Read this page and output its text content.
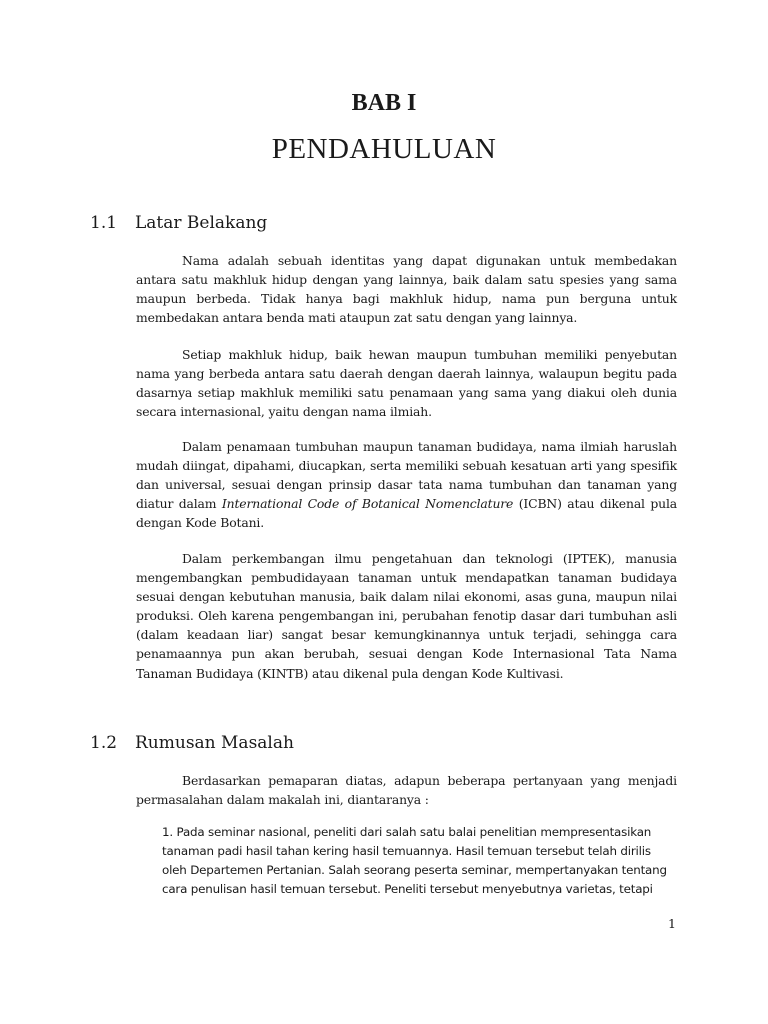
BAB I
PENDAHULUAN
1.1 Latar Belakang

Nama adalah sebuah identitas yang dapat digunakan untuk membedakan antara satu makhluk hidup dengan yang lainnya, baik dalam satu spesies yang sama maupun berbeda. Tidak hanya bagi makhluk hidup, nama pun berguna untuk membedakan antara benda mati ataupun zat satu dengan yang lainnya.

Setiap makhluk hidup, baik hewan maupun tumbuhan memiliki penyebutan nama yang berbeda antara satu daerah dengan daerah lainnya, walaupun begitu pada dasarnya setiap makhluk memiliki satu penamaan yang sama yang diakui oleh dunia secara internasional, yaitu dengan nama ilmiah.

Dalam penamaan tumbuhan maupun tanaman budidaya, nama ilmiah haruslah mudah diingat, dipahami, diucapkan, serta memiliki sebuah kesatuan arti yang spesifik dan universal, sesuai dengan prinsip dasar tata nama tumbuhan dan tanaman yang diatur dalam International Code of Botanical Nomenclature (ICBN) atau dikenal pula dengan Kode Botani.

Dalam perkembangan ilmu pengetahuan dan teknologi (IPTEK), manusia mengembangkan pembudidayaan tanaman untuk mendapatkan tanaman budidaya sesuai dengan kebutuhan manusia, baik dalam nilai ekonomi, asas guna, maupun nilai produksi. Oleh karena pengembangan ini, perubahan fenotip dasar dari tumbuhan asli (dalam keadaan liar) sangat besar kemungkinannya untuk terjadi, sehingga cara penamaannya pun akan berubah, sesuai dengan Kode Internasional Tata Nama Tanaman Budidaya (KINTB) atau dikenal pula dengan Kode Kultivasi.

1.2 Rumusan Masalah

Berdasarkan pemaparan diatas, adapun beberapa pertanyaan yang menjadi permasalahan dalam makalah ini, diantaranya :

1. Pada seminar nasional, peneliti dari salah satu balai penelitian mempresentasikan
tanaman padi hasil tahan kering hasil temuannya. Hasil temuan tersebut telah dirilis
oleh Departemen Pertanian. Salah seorang peserta seminar, mempertanyakan tentang
cara penulisan hasil temuan tersebut. Peneliti tersebut menyebutnya varietas, tetapi
1
